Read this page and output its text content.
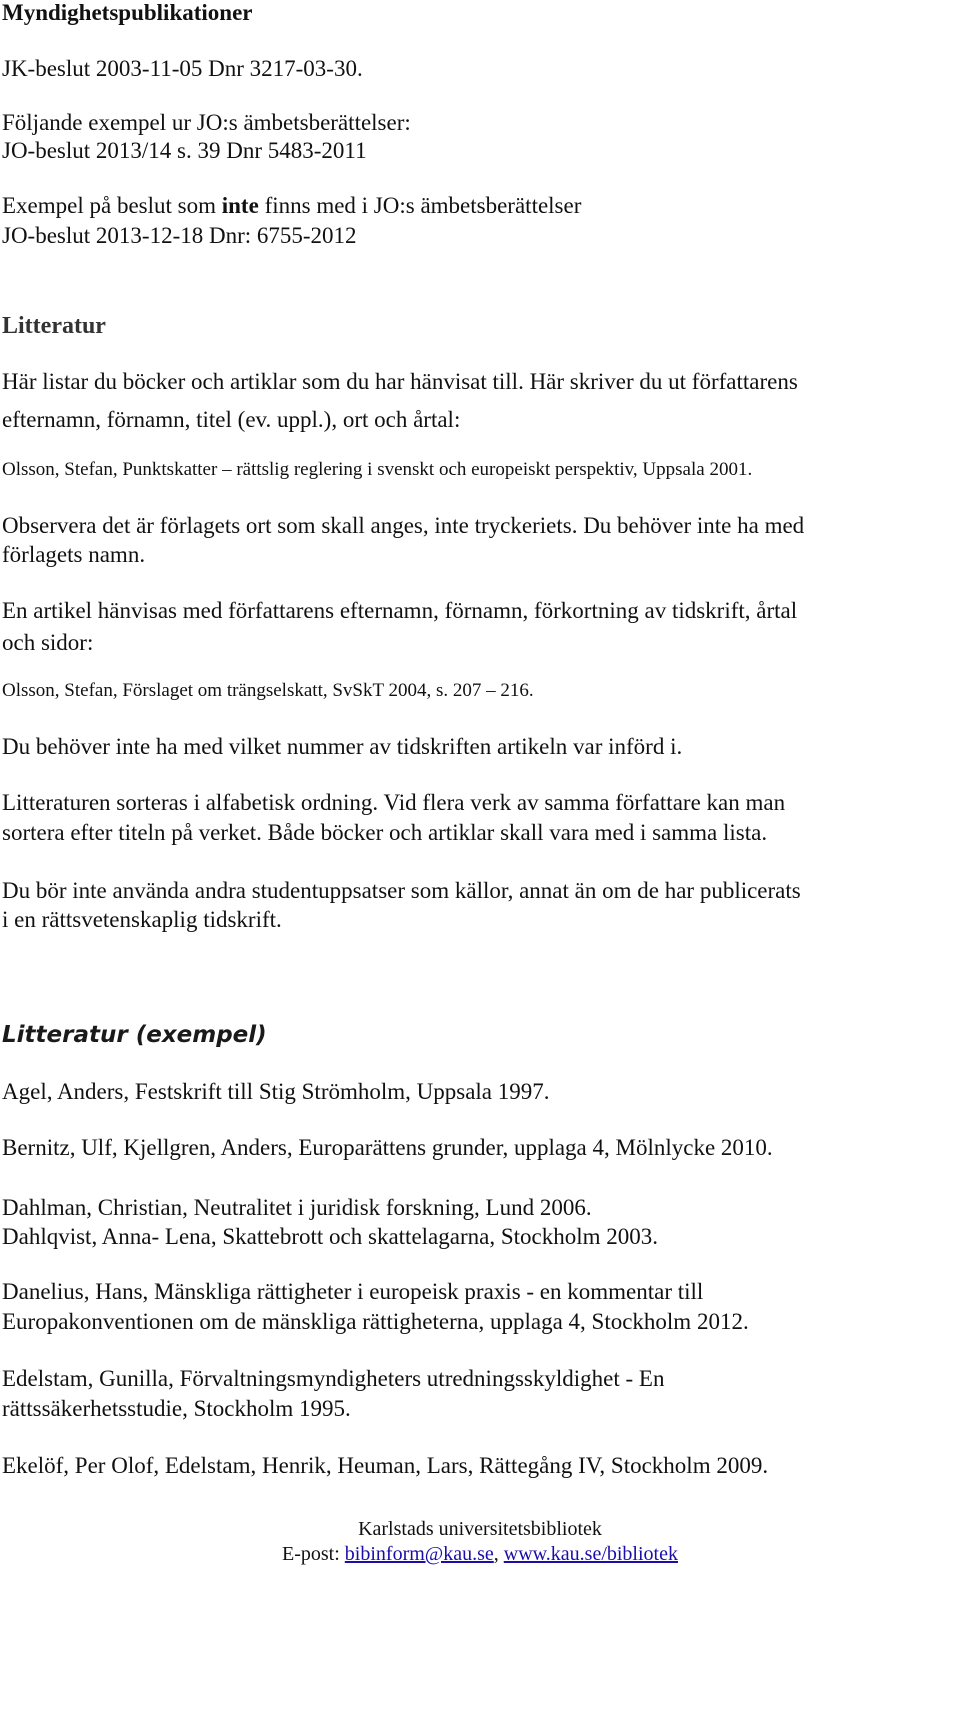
Myndighetspublikationer
JK-beslut 2003-11-05 Dnr 3217-03-30.
Följande exempel ur JO:s ämbetsberättelser:
JO-beslut 2013/14 s. 39 Dnr 5483-2011
Exempel på beslut som inte finns med i JO:s ämbetsberättelser
JO-beslut 2013-12-18 Dnr: 6755-2012
Litteratur
Här listar du böcker och artiklar som du har hänvisat till. Här skriver du ut författarens
efternamn, förnamn, titel (ev. uppl.), ort och årtal:
Olsson, Stefan, Punktskatter – rättslig reglering i svenskt och europeiskt perspektiv, Uppsala 2001.
Observera det är förlagets ort som skall anges, inte tryckeriets. Du behöver inte ha med
förlagets namn.
En artikel hänvisas med författarens efternamn, förnamn, förkortning av tidskrift, årtal
och sidor:
Olsson, Stefan, Förslaget om trängselskatt, SvSkT 2004, s. 207 – 216.
Du behöver inte ha med vilket nummer av tidskriften artikeln var införd i.
Litteraturen sorteras i alfabetisk ordning. Vid flera verk av samma författare kan man
sortera efter titeln på verket. Både böcker och artiklar skall vara med i samma lista.
Du bör inte använda andra studentuppsatser som källor, annat än om de har publicerats
i en rättsvetenskaplig tidskrift.
Litteratur (exempel)
Agel, Anders, Festskrift till Stig Strömholm, Uppsala 1997.
Bernitz, Ulf, Kjellgren, Anders, Europarättens grunder, upplaga 4, Mölnlycke 2010.
Dahlman, Christian, Neutralitet i juridisk forskning, Lund 2006.
Dahlqvist, Anna- Lena, Skattebrott och skattelagarna, Stockholm 2003.
Danelius, Hans, Mänskliga rättigheter i europeisk praxis - en kommentar till
Europakonventionen om de mänskliga rättigheterna, upplaga 4, Stockholm 2012.
Edelstam, Gunilla, Förvaltningsmyndigheters utredningsskyldighet - En
rättssäkerhetsstudie, Stockholm 1995.
Ekelöf, Per Olof, Edelstam, Henrik, Heuman, Lars, Rättegång IV, Stockholm 2009.
Karlstads universitetsbibliotek
E-post: bibinform@kau.se, www.kau.se/bibliotek
